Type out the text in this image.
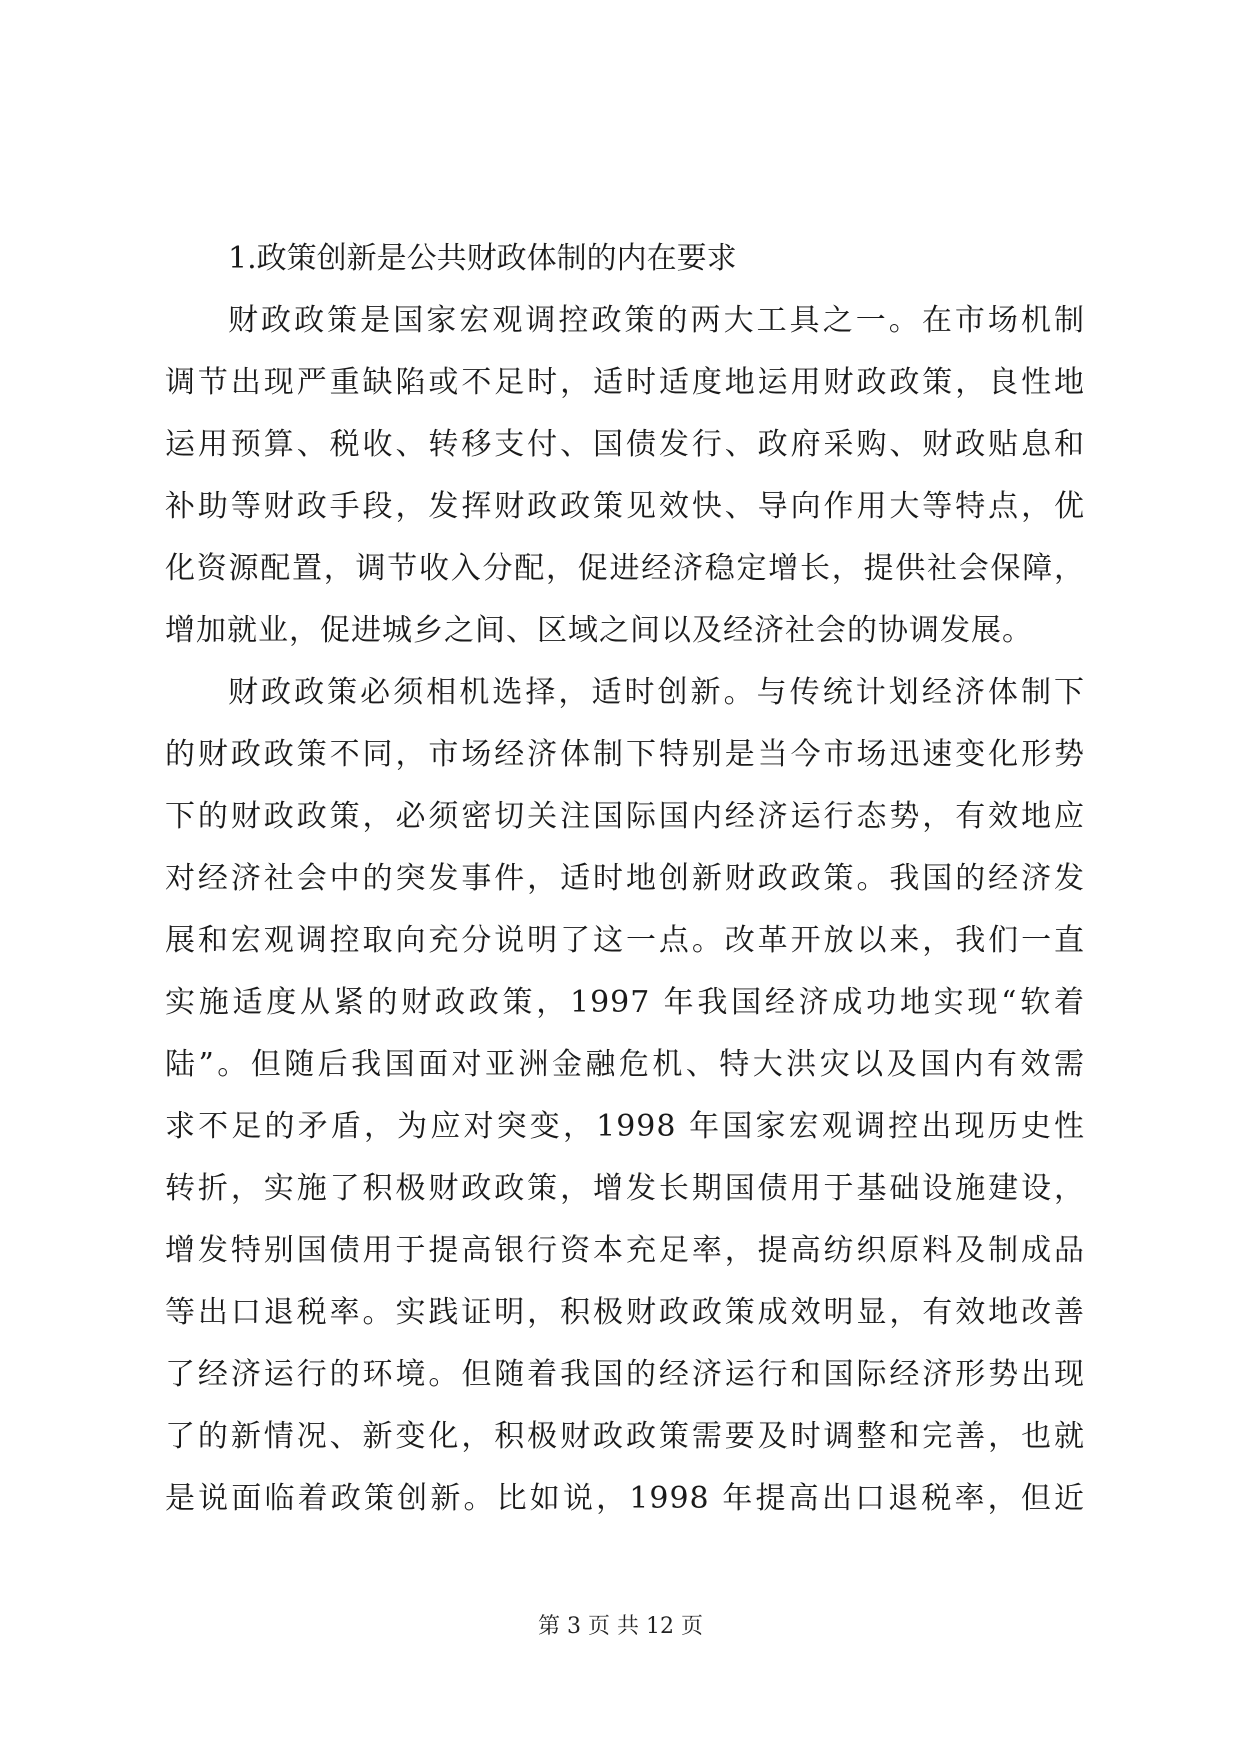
1.政策创新是公共财政体制的内在要求

财政政策是国家宏观调控政策的两大工具之一。在市场机制

调节出现严重缺陷或不足时，适时适度地运用财政政策，良性地

运用预算、税收、转移支付、国债发行、政府采购、财政贴息和

补助等财政手段，发挥财政政策见效快、导向作用大等特点，优

化资源配置，调节收入分配，促进经济稳定增长，提供社会保障，

增加就业，促进城乡之间、区域之间以及经济社会的协调发展。

财政政策必须相机选择，适时创新。与传统计划经济体制下

的财政政策不同，市场经济体制下特别是当今市场迅速变化形势

下的财政政策，必须密切关注国际国内经济运行态势，有效地应

对经济社会中的突发事件，适时地创新财政政策。我国的经济发

展和宏观调控取向充分说明了这一点。改革开放以来，我们一直

实施适度从紧的财政政策，1997 年我国经济成功地实现“软着

陆”。但随后我国面对亚洲金融危机、特大洪灾以及国内有效需

求不足的矛盾，为应对突变，1998 年国家宏观调控出现历史性

转折，实施了积极财政政策，增发长期国债用于基础设施建设，

增发特别国债用于提高银行资本充足率，提高纺织原料及制成品

等出口退税率。实践证明，积极财政政策成效明显，有效地改善

了经济运行的环境。但随着我国的经济运行和国际经济形势出现

了的新情况、新变化，积极财政政策需要及时调整和完善，也就

是说面临着政策创新。比如说，1998 年提高出口退税率，但近

第 3 页 共 12 页
